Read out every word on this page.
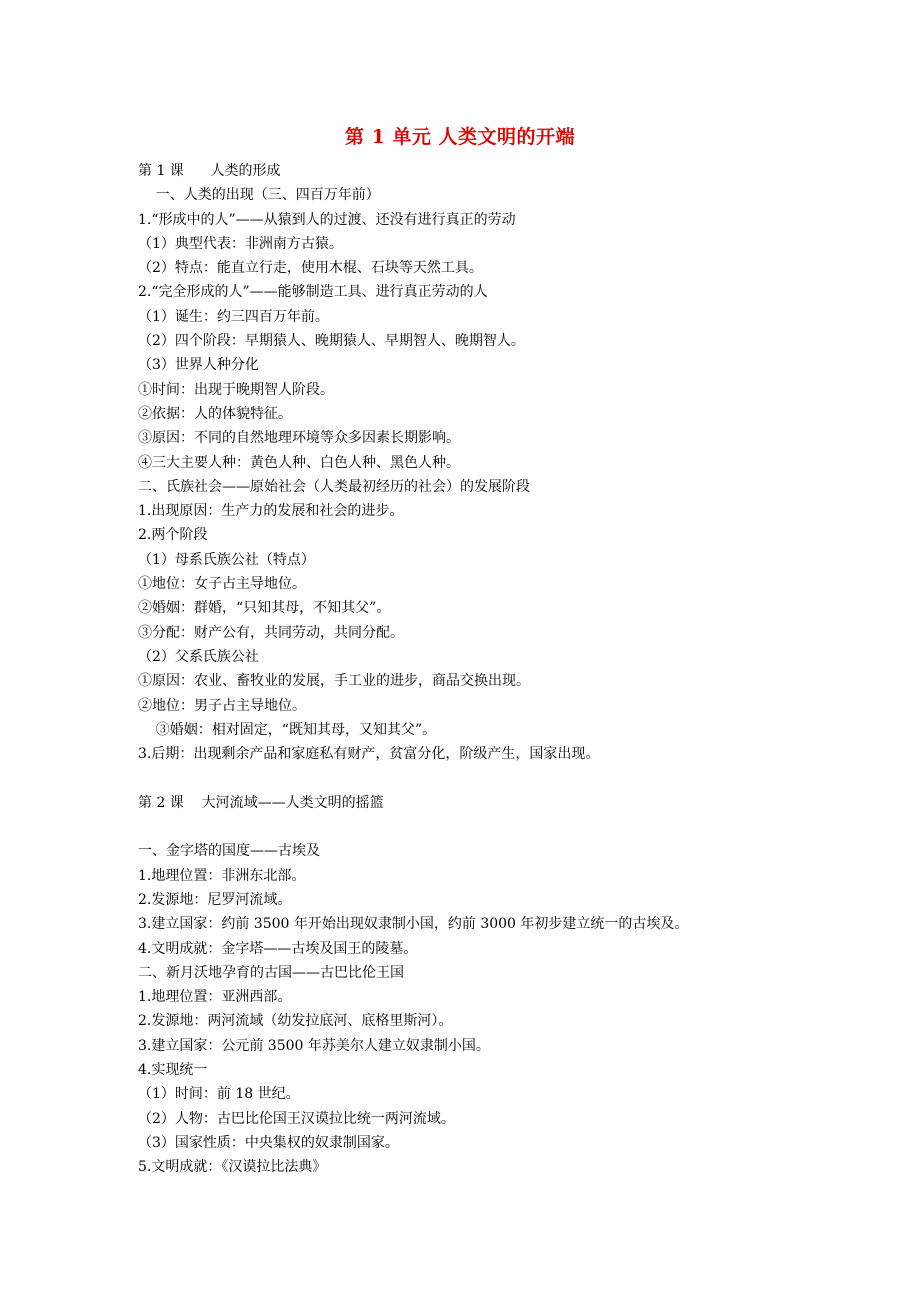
第 1 单元 人类文明的开端
第 1 课      人类的形成
一、人类的出现（三、四百万年前）
1.“形成中的人”——从猿到人的过渡、还没有进行真正的劳动
（1）典型代表：非洲南方古猿。
（2）特点：能直立行走，使用木棍、石块等天然工具。
2.“完全形成的人”——能够制造工具、进行真正劳动的人
（1）诞生：约三四百万年前。
（2）四个阶段：早期猿人、晚期猿人、早期智人、晚期智人。
（3）世界人种分化
①时间：出现于晚期智人阶段。
②依据：人的体貌特征。
③原因：不同的自然地理环境等众多因素长期影响。
④三大主要人种：黄色人种、白色人种、黑色人种。
二、氏族社会——原始社会（人类最初经历的社会）的发展阶段
1.出现原因：生产力的发展和社会的进步。
2.两个阶段
（1）母系氏族公社（特点）
①地位：女子占主导地位。
②婚姻：群婚，“只知其母，不知其父”。
③分配：财产公有，共同劳动，共同分配。
（2）父系氏族公社
①原因：农业、畜牧业的发展，手工业的进步，商品交换出现。
②地位：男子占主导地位。
③婚姻：相对固定，“既知其母，又知其父”。
3.后期：出现剩余产品和家庭私有财产，贫富分化，阶级产生，国家出现。
第 2 课    大河流域——人类文明的摇篮
一、金字塔的国度——古埃及
1.地理位置：非洲东北部。
2.发源地：尼罗河流域。
3.建立国家：约前 3500 年开始出现奴隶制小国，约前 3000 年初步建立统一的古埃及。
4.文明成就：金字塔——古埃及国王的陵墓。
二、新月沃地孕育的古国——古巴比伦王国
1.地理位置：亚洲西部。
2.发源地：两河流域（幼发拉底河、底格里斯河）。
3.建立国家：公元前 3500 年苏美尔人建立奴隶制小国。
4.实现统一
（1）时间：前 18 世纪。
（2）人物：古巴比伦国王汉谟拉比统一两河流域。
（3）国家性质：中央集权的奴隶制国家。
5.文明成就：《汉谟拉比法典》
